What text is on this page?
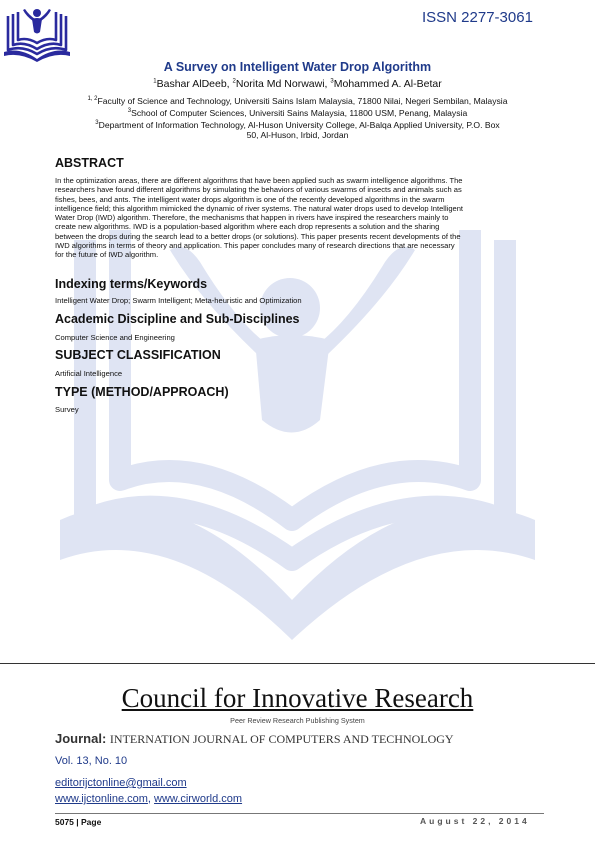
ISSN 2277-3061
A Survey on Intelligent Water Drop Algorithm
$^1$Bashar AlDeeb, $^2$Norita Md Norwawi, $^3$Mohammed A. Al-Betar
$^{1, 2}$Faculty of Science and Technology, Universiti Sains Islam Malaysia, 71800 Nilai, Negeri Sembilan, Malaysia
$^3$School of Computer Sciences, Universiti Sains Malaysia, 11800 USM, Penang, Malaysia
$^3$Department of Information Technology, Al-Huson University College, Al-Balqa Applied University, P.O. Box
50, Al-Huson, Irbid, Jordan
ABSTRACT
In the optimization areas, there are different algorithms that have been applied such as swarm intelligence algorithms. The
researchers have found different algorithms by simulating the behaviors of various swarms of insects and animals such as
fishes, bees, and ants. The intelligent water drops algorithm is one of the recently developed algorithms in the swarm
intelligence field; this algorithm mimicked the dynamic of river systems. The natural water drops used to develop Intelligent
Water Drop (IWD) algorithm. Therefore, the mechanisms that happen in rivers have inspired the researchers mainly to
create new algorithms. IWD is a population-based algorithm where each drop represents a solution and the sharing
between the drops during the search lead to a better drops (or solutions). This paper presents recent developments of the
IWD algorithms in terms of theory and application. This paper concludes many of research directions that are necessary
for the future of IWD algorithm.
Indexing terms/Keywords
Intelligent Water Drop; Swarm Intelligent; Meta-heuristic and Optimization
Academic Discipline and Sub-Disciplines
Computer Science and Engineering
SUBJECT CLASSIFICATION
Artificial Intelligence
TYPE (METHOD/APPROACH)
Survey
Council for Innovative Research
Peer Review Research Publishing System
Journal: INTERNATION JOURNAL OF COMPUTERS AND TECHNOLOGY
Vol. 13, No. 10
editorijctonline@gmail.com
www.ijctonline.com, www.cirworld.com
5075 | Page	August 22, 2014
